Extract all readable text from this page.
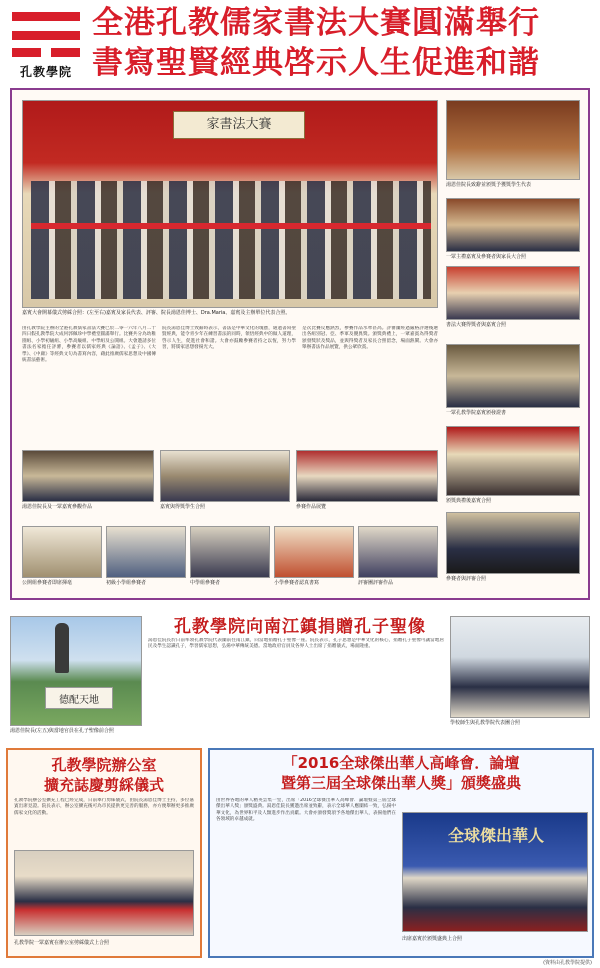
孔教學院
全港孔教儒家書法大賽圓滿舉行
書寫聖賢經典啓示人生促進和諧
家書法大賽
嘉賓大會開幕儀式剪綵合照：(左至右)嘉賓及家長代表、評審、院長湯恩佳博士、Dra.Maria、嘉賓及主辦單位代表合照。
湯恩佳院長致辭並頒獎予獲獎學生代表
一眾主禮嘉賓及參賽者與家長大合照
書法大賽得獎者與嘉賓合照
一眾孔教學院嘉賓頒發證書
頒獎典禮後嘉賓合照
參賽者與評審合照
由孔教學院主辦的全港孔教儒家書法大賽已於二零一六年八月二十四日假孔教學院大成何郭佩珍中學禮堂圓滿舉行。比賽共分為幼稚園組、小學初級組、小學高級組、中學組及公開組。大會邀請多位書法名家擔任評審，參賽者以儒家經典《論語》、《孟子》、《大學》、《中庸》等經典文句為書寫內容，藉此推廣儒家思想及中國傳統書法藝術。
院長湯恩佳博士致辭時表示，書法是中華文化的瑰寶，通過書寫聖賢經典，能令青少年在練習書法的同時，領悟經典中的做人道理，啓示人生，促進社會和諧。大會亦鼓勵參賽者持之以恆，努力學習，將儒家思想發揚光大。
是次比賽反應熱烈，參賽作品水準甚高。評審團經過嚴格評選後選出各組別冠、亞、季軍及優異獎。頒獎典禮上，一眾嘉賓為得獎者頒發獎狀及獎品，並與得獎者及家長合照留念，場面熱鬧。大會亦舉辦書法作品展覽，供公眾欣賞。
湯恩佳院長及一眾嘉賓參觀作品	嘉賓與得獎學生合照	參賽作品展覽
公開組參賽者即席揮毫	初級小學組參賽者	中學組參賽者	小學參賽者認真書寫	評審團評審作品
孔教學院向南江鎮捐贈孔子聖像
德配天地
湯恩佳院長(左五)與當地官員在孔子聖像前合照
湯恩佳院長於日前率領孔教學院代表團前往南江鎮，向當地捐贈孔子聖像一座。院長表示，孔子思想是中華文化的核心，捐贈孔子聖像可讓當地居民及學生認識孔子，學習儒家思想，弘揚中華傳統美德。當地政府官員及各界人士出席了捐贈儀式，場面隆重。
學校師生與孔教學院代表團合照
孔教學院辦公室
擴充誌慶剪綵儀式
孔教學院辦公室擴充工程已經完成，日前舉行剪綵儀式，由院長湯恩佳博士主持，多位嘉賓出席見證。院長表示，辦公室擴充後可為市民提供更完善的服務，亦方便舉辦更多推廣儒家文化的活動。
孔教學院一眾嘉賓在辦公室剪綵儀式上合照
「2016全球傑出華人高峰會．論壇
暨第三屆全球傑出華人獎」頒獎盛典
由世界各地的華人精英雲集一堂，出席「2016全球傑出華人高峰會．論壇暨第三屆全球傑出華人獎」頒獎盛典。湯恩佳院長獲邀出席並致辭，表示全球華人應團結一致，弘揚中華文化，為世界和平及人類進步作出貢獻。大會亦頒發獎項予各地傑出華人，表揚他們在各領域的卓越成就。
全球傑出華人
出席嘉賓於頒獎盛典上合照
(資料由孔教學院提供)
